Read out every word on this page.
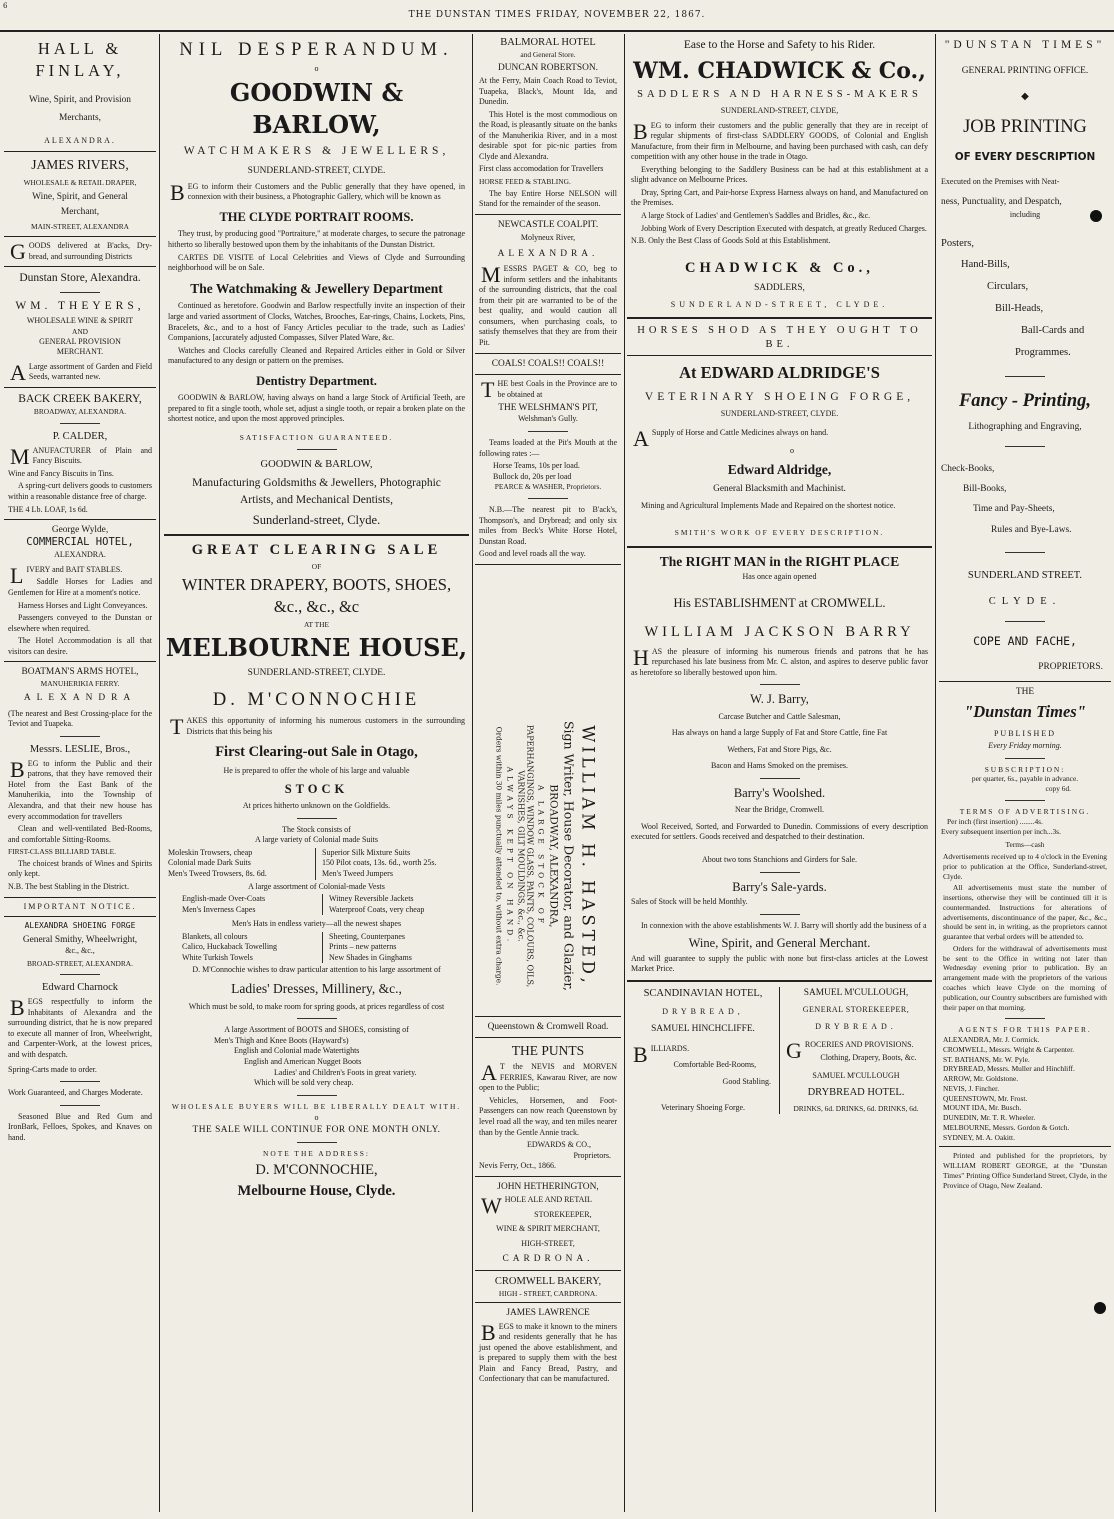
6
THE DUNSTAN TIMES FRIDAY, NOVEMBER 22, 1867.
HALL & FINLAY,
Wine, Spirit, and Provision
Merchants,
ALEXANDRA.
JAMES RIVERS,
WHOLESALE & RETAIL DRAPER,
Wine, Spirit, and General
Merchant,
MAIN-STREET, ALEXANDRA
GOODS delivered at B'acks, Dry-bread, and surrounding Districts
Dunstan Store, Alexandra.
WM. THEYERS,
WHOLESALE WINE & SPIRIT
AND
GENERAL PROVISION
MERCHANT.
A Large assortment of Garden and Field Seeds, warranted new.
BACK CREEK BAKERY,
BROADWAY, ALEXANDRA.
P. CALDER,
MANUFACTURER of Plain and Fancy Biscuits.
Wine and Fancy Biscuits in Tins.
A spring-curt delivers goods to customers within a reasonable distance free of charge.
THE 4 Lb. LOAF, 1s 6d.
George Wylde,
COMMERCIAL HOTEL,
ALEXANDRA.
LIVERY and BAIT STABLES.
Saddle Horses for Ladies and Gentlemen for Hire at a moment's notice.
Harness Horses and Light Conveyances.
Passengers conveyed to the Dunstan or elsewhere when required.
The Hotel Accommodation is all that visitors can desire.
BOATMAN'S ARMS HOTEL,
MANUHERIKIA FERRY.
ALEXANDRA
(The nearest and Best Crossing-place for the Teviot and Tuapeka.
Messrs. LESLIE, Bros.,
BEG to inform the Public and their patrons, that they have removed their Hotel from the East Bank of the Manuherikia, into the Township of Alexandra, and that their new house has every accommodation for travellers
Clean and well-ventilated Bed-Rooms, and comfortable Sitting-Rooms.
FIRST-CLASS BILLIARD TABLE.
The choicest brands of Wines and Spirits only kept.
N.B. The best Stabling in the District.
IMPORTANT NOTICE.
ALEXANDRA SHOEING FORGE
General Smithy, Wheelwright,
&c., &c.,
BROAD-STREET, ALEXANDRA.
Edward Charnock
BEGS respectfully to inform the Inhabitants of Alexandra and the surrounding district, that he is now prepared to execute all manner of Iron, Wheelwright, and Carpenter-Work, at the lowest prices, and with despatch.
Spring-Carts made to order.
Work Guaranteed, and Charges Moderate.
Seasoned Blue and Red Gum and IronBark, Felloes, Spokes, and Knaves on hand.
NIL DESPERANDUM.
o
GOODWIN & BARLOW,
WATCHMAKERS & JEWELLERS,
SUNDERLAND-STREET, CLYDE.
BEG to inform their Customers and the Public generally that they have opened, in connexion with their business, a Photographic Gallery, which will be known as
THE CLYDE PORTRAIT ROOMS.
They trust, by producing good "Portraiture," at moderate charges, to secure the patronage hitherto so liberally bestowed upon them by the inhabitants of the Dunstan District.
CARTES DE VISITE of Local Celebrities and Views of Clyde and Surrounding neighborhood will be on Sale.
The Watchmaking & Jewellery Department
Continued as heretofore. Goodwin and Barlow respectfully invite an inspection of their large and varied assortment of Clocks, Watches, Brooches, Ear-rings, Chains, Lockets, Pins, Bracelets, &c., and to a host of Fancy Articles peculiar to the trade, such as Ladies' Companions, [accurately adjusted Compasses, Silver Plated Ware, &c.
Watches and Clocks carefully Cleaned and Repaired Articles either in Gold or Silver manufactured to any design or pattern on the premises.
Dentistry Department.
GOODWIN & BARLOW, having always on hand a large Stock of Artificial Teeth, are prepared to fit a single tooth, whole set, adjust a single tooth, or repair a broken plate on the shortest notice, and upon the most approved principles.
SATISFACTION GUARANTEED.
GOODWIN & BARLOW,
Manufacturing Goldsmiths & Jewellers, Photographic
Artists, and Mechanical Dentists,
Sunderland-street, Clyde.
GREAT CLEARING SALE
OF
WINTER DRAPERY, BOOTS, SHOES,
&c., &c., &c
AT THE
MELBOURNE HOUSE,
SUNDERLAND-STREET, CLYDE.
D. M'CONNOCHIE
TAKES this opportunity of informing his numerous customers in the surrounding Districts that this being his
First Clearing-out Sale in Otago,
He is prepared to offer the whole of his large and valuable
STOCK
At prices hitherto unknown on the Goldfields.
The Stock consists of
A large variety of Colonial made Suits
Moleskin Trowsers, cheap
Colonial made Dark Suits
Men's Tweed Trowsers, 8s. 6d.
Superior Silk Mixture Suits
150 Pilot coats, 13s. 6d., worth 25s.
Men's Tweed Jumpers
A large assortment of Colonial-made Vests
English-made Over-Coats
Men's Inverness Capes
Witney Reversible Jackets
Waterproof Coats, very cheap
Men's Hats in endless variety—all the newest shapes
Blankets, all colours
Calico, Huckaback Towelling
White Turkish Towels
Sheeting, Counterpanes
Prints – new patterns
New Shades in Ginghams
D. M'Connochie wishes to draw particular attention to his large assortment of
Ladies' Dresses, Millinery, &c.,
Which must be sold, to make room for spring goods, at prices regardless of cost
A large Assortment of BOOTS and SHOES, consisting of
Men's Thigh and Knee Boots (Hayward's)
English and Colonial made Watertights
English and American Nugget Boots
Ladies' and Children's Foots in great variety.
Which will be sold very cheap.
WHOLESALE BUYERS WILL BE LIBERALLY DEALT WITH.
o
THE SALE WILL CONTINUE FOR ONE MONTH ONLY.
NOTE THE ADDRESS:
D. M'CONNOCHIE,
Melbourne House, Clyde.
BALMORAL HOTEL
and General Store.
DUNCAN ROBERTSON.
At the Ferry, Main Coach Road to Teviot, Tuapeka, Black's, Mount Ida, and Dunedin.
This Hotel is the most commodious on the Road, is pleasantly situate on the banks of the Manuherikia River, and in a most desirable spot for pic-nic parties from Clyde and Alexandra.
First class accomodation for Travellers
HORSE FEED & STABLING.
The bay Entire Horse NELSON will Stand for the remainder of the season.
NEWCASTLE COALPIT.
Molyneux River,
ALEXANDRA.
MESSRS PAGET & CO, beg to inform settlers and the inhabitants of the surrounding districts, that the coal from their pit are warranted to be of the best quality, and would caution all consumers, when purchasing coals, to satisfy themselves that they are from their Pit.
COALS! COALS!! COALS!!
THE best Coals in the Province are to be obtained at
THE WELSHMAN'S PIT,
Welshman's Gully.
Teams loaded at the Pit's Mouth at the following rates :—
Horse Teams, 10s per load.
Bullock do, 20s per load
PEARCE & WASHER, Proprietors.
N.B.—The nearest pit to B'ack's, Thompson's, and Drybread; and only six miles from Beck's White Horse Hotel, Dunstan Road.
Good and level roads all the way.
WILLIAM H. HASTED,
Sign Writer, House Decorator, and Glazier,
BROADWAY, ALEXANDRA,
A LARGE STOCK OF
PAPERHANGINGS, WINDOW GLASS, PAINTS, COLOURS, OILS, VARNISHES, GILT MOULDINGS, &c., &c.
ALWAYS KEPT ON HAND.
Orders within 30 miles punctually attended to, without extra charge.
Queenstown & Cromwell Road.
THE PUNTS
A T the NEVIS and MORVEN FERRIES, Kawarau River, are now open to the Public;
Vehicles, Horsemen, and Foot-Passengers can now reach Queenstown by level road all the way, and ten miles nearer than by the Gentle Annie track.
EDWARDS & CO.,
Proprietors.
Nevis Ferry, Oct., 1866.
JOHN HETHERINGTON,
WHOLE ALE AND RETAIL
STOREKEEPER,
WINE & SPIRIT MERCHANT,
HIGH-STREET,
CARDRONA.
CROMWELL BAKERY,
HIGH - STREET, CARDRONA.
JAMES LAWRENCE
BEGS to make it known to the miners and residents generally that he has just opened the above establishment, and is prepared to supply them with the best Plain and Fancy Bread, Pastry, and Confectionary that can be manufactured.
Ease to the Horse and Safety to his Rider.
WM. CHADWICK & Co.,
SADDLERS AND HARNESS-MAKERS
SUNDERLAND-STREET, CLYDE,
BEG to inform their customers and the public generally that they are in receipt of regular shipments of first-class SADDLERY GOODS, of Colonial and English Manufacture, from their firm in Melbourne, and having been purchased with cash, can defy competition with any other house in the trade in Otago.
Everything belonging to the Saddlery Business can be had at this establishment at a slight advance on Melbourne Prices.
Dray, Spring Cart, and Pair-horse Express Harness always on hand, and Manufactured on the Premises.
A large Stock of Ladies' and Gentlemen's Saddles and Bridles, &c., &c.
Jobbing Work of Every Description Executed with despatch, at greatly Reduced Charges.
N.B. Only the Best Class of Goods Sold at this Establishment.
CHADWICK & Co.,
SADDLERS,
SUNDERLAND-STREET, CLYDE.
HORSES SHOD AS THEY OUGHT TO BE.
At EDWARD ALDRIDGE'S
VETERINARY SHOEING FORGE,
SUNDERLAND-STREET, CLYDE.
A Supply of Horse and Cattle Medicines always on hand.
o
Edward Aldridge,
General Blacksmith and Machinist.
Mining and Agricultural Implements Made and Repaired on the shortest notice.
SMITH'S WORK OF EVERY DESCRIPTION.
The RIGHT MAN in the RIGHT PLACE
Has once again opened
His ESTABLISHMENT at CROMWELL.
WILLIAM JACKSON BARRY
HAS the pleasure of informing his numerous friends and patrons that he has repurchased his late business from Mr. C. alston, and aspires to deserve public favor as heretofore so liberally bestowed upon him.
W. J. Barry,
Carcase Butcher and Cattle Salesman,
Has always on hand a large Supply of Fat and Store Cattle, fine Fat
Wethers, Fat and Store Pigs, &c.
Bacon and Hams Smoked on the premises.
Barry's Woolshed.
Near the Bridge, Cromwell.
Wool Received, Sorted, and Forwarded to Dunedin. Commissions of every description executed for settlers. Goods received and despatched to their destination.
About two tons Stanchions and Girders for Sale.
Barry's Sale-yards.
Sales of Stock will be held Monthly.
In connexion with the above establishments W. J. Barry will shortly add the business of a
Wine, Spirit, and General Merchant.
And will guarantee to supply the public with none but first-class articles at the Lowest Market Price.
SCANDINAVIAN HOTEL,
DRYBREAD,
SAMUEL HINCHCLIFFE.
BILLIARDS.
Comfortable Bed-Rooms,
Good Stabling.
Veterinary Shoeing Forge.
SAMUEL M'CULLOUGH,
GENERAL STOREKEEPER,
DRYBREAD.
GROCERIES AND PROVISIONS.
Clothing, Drapery, Boots, &c.
SAMUEL M'CULLOUGH
DRYBREAD HOTEL.
DRINKS, 6d. DRINKS, 6d. DRINKS, 6d.
"DUNSTAN TIMES"
GENERAL PRINTING OFFICE.
◆
JOB PRINTING
OF EVERY DESCRIPTION
Executed on the Premises with Neat-
ness, Punctuality, and Despatch,
including
Posters,
Hand-Bills,
Circulars,
Bill-Heads,
Ball-Cards and
Programmes.
Fancy - Printing,
Lithographing and Engraving,
Check-Books,
Bill-Books,
Time and Pay-Sheets,
Rules and Bye-Laws.
SUNDERLAND STREET.
CLYDE.
COPE AND FACHE,
PROPRIETORS.
THE
"Dunstan Times"
PUBLISHED
Every Friday morning.
SUBSCRIPTION:
per quarter, 6s., payable in advance.
copy 6d.
TERMS OF ADVERTISING.
Per inch (first insertion) ........4s.
Every subsequent insertion per inch...3s.
Terms—cash
Advertisements received up to 4 o'clock in the Evening prior to publication at the Office, Sunderland-street, Clyde.
All advertisements must state the number of insertions, otherwise they will be continued till it is countermanded. Instructions for alterations of advertisements, discontinuance of the paper, &c., &c., should be sent in, in writing, as the proprietors cannot guarantee that verbal orders will be attended to.
Orders for the withdrawal of advertisements must be sent to the Office in writing not later than Wednesday evening prior to publication. By an arrangement made with the proprietors of the various coaches which leave Clyde on the morning of publication, our Country subscribers are furnished with their paper on that morning.
AGENTS FOR THIS PAPER.
ALEXANDRA, Mr. J. Cormick.
CROMWELL, Messrs. Wright & Carpenter.
ST. BATHANS, Mr. W. Pyle.
DRYBREAD, Messrs. Muller and Hinchliff.
ARROW, Mr. Goldstone.
NEVIS, J. Fincher.
QUEENSTOWN, Mr. Frost.
MOUNT IDA, Mr. Busch.
DUNEDIN, Mr. T. R. Wheeler.
MELBOURNE, Messrs. Gordon & Gotch.
SYDNEY, M. A. Oakitt.
Printed and published for the proprietors, by WILLIAM ROBERT GEORGE, at the "Dunstan Times" Printing Office Sunderland Street, Clyde, in the Province of Otago, New Zealand.
